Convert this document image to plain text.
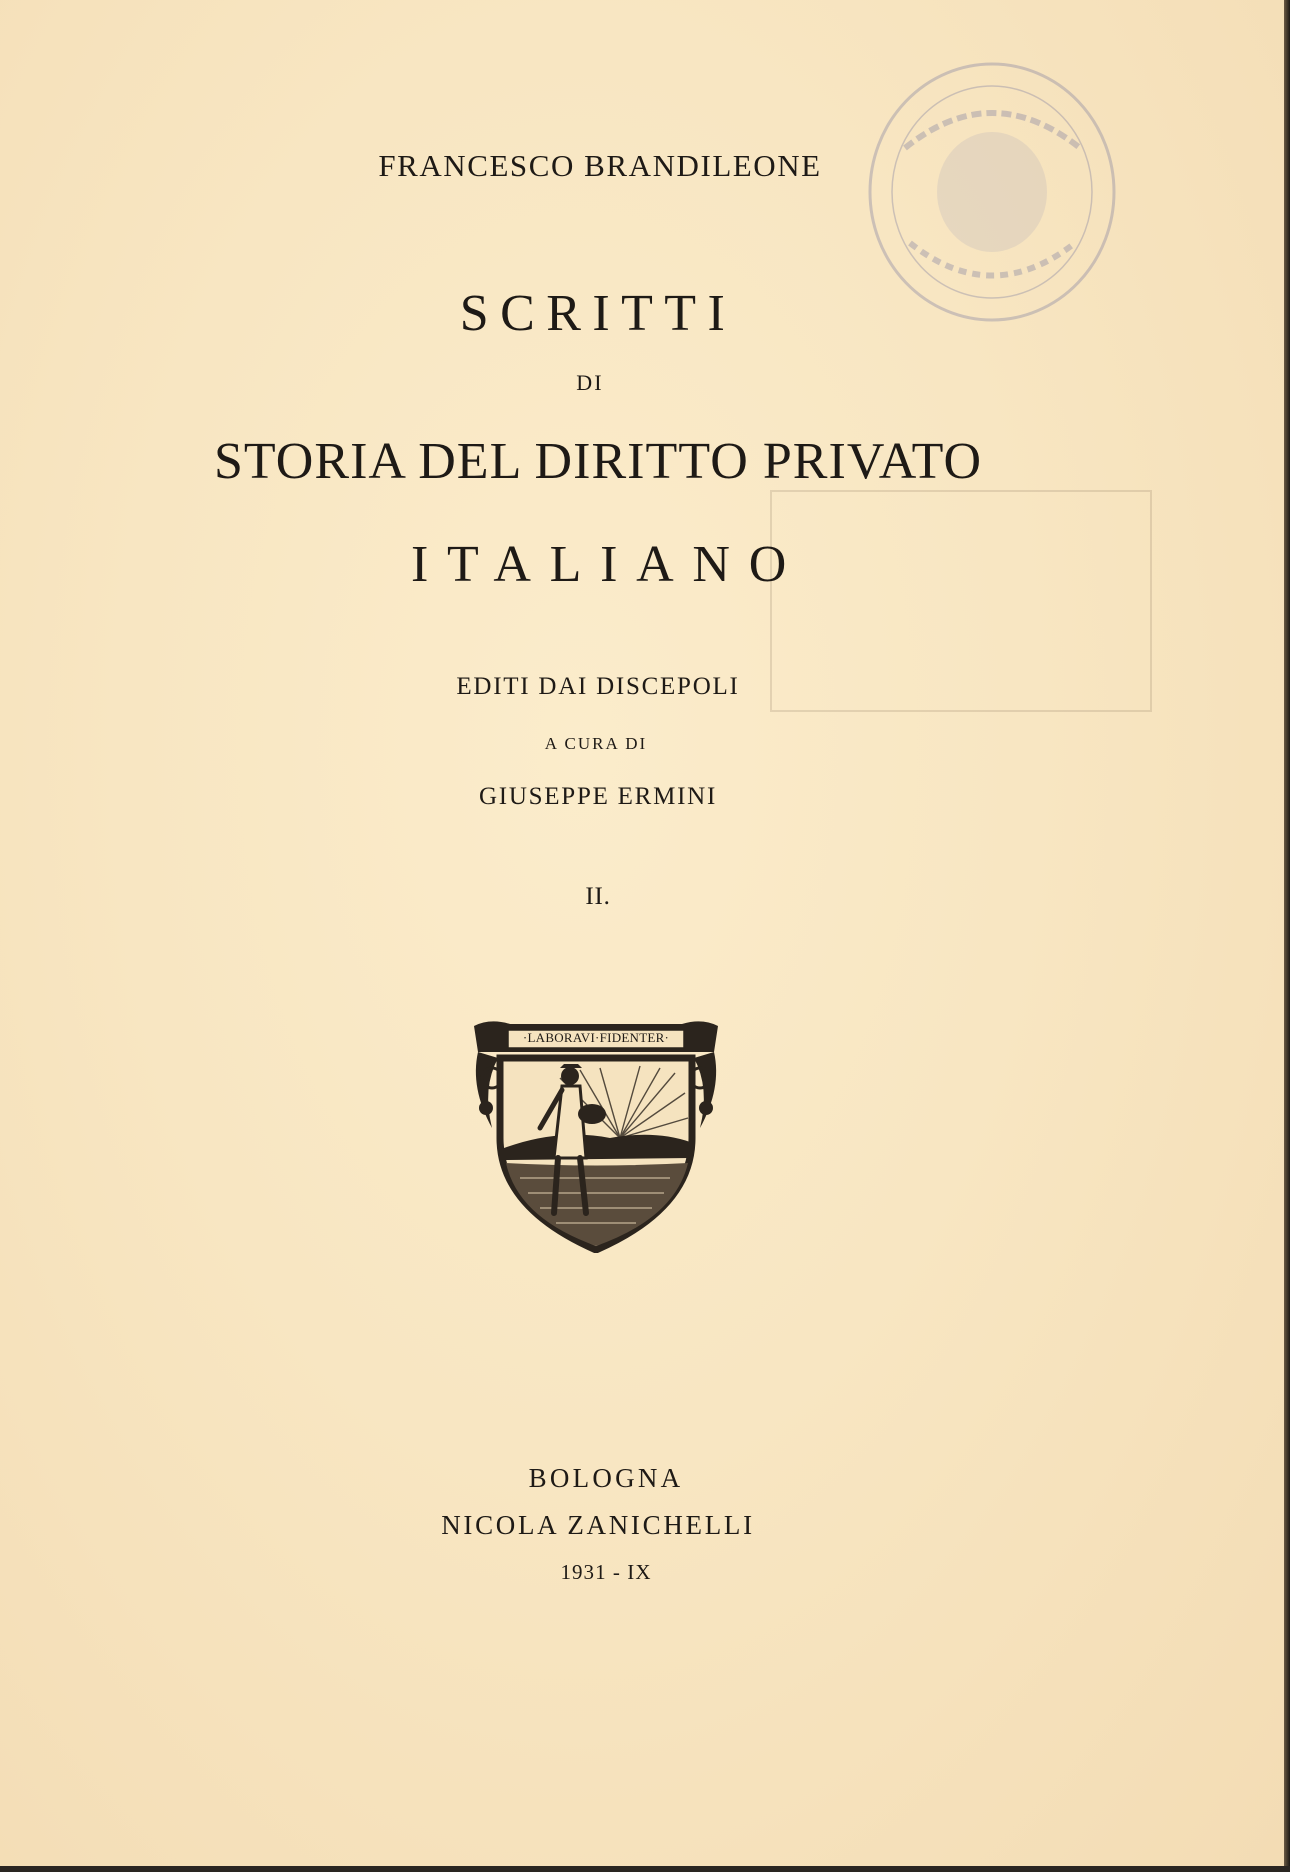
FRANCESCO BRANDILEONE
SCRITTI
DI
STORIA DEL DIRITTO PRIVATO
ITALIANO
EDITI DAI DISCEPOLI
A CURA DI
GIUSEPPE ERMINI
II.
·LABORAVI·FIDENTER·
BOLOGNA
NICOLA ZANICHELLI
1931 - IX
